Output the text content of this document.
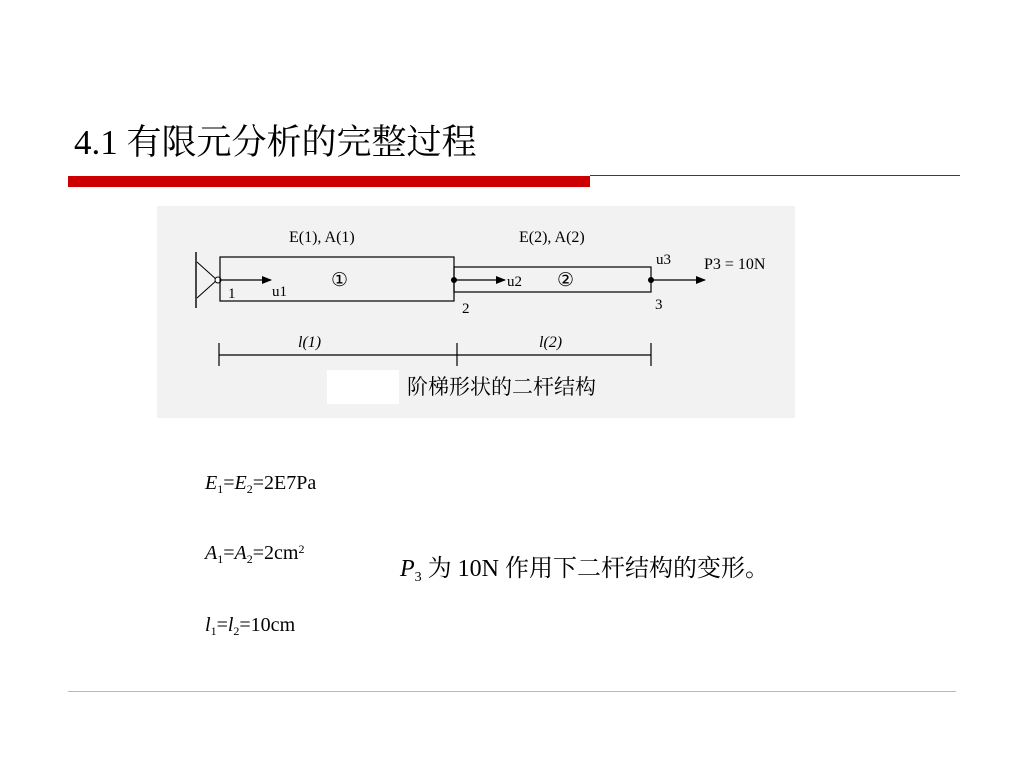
4.1 有限元分析的完整过程
E(1), A(1)	E(2), A(2)
①	②
1
2	3
u1
u2
u3 P3 = 10N
l(1)	l(2)
阶梯形状的二杆结构
$E_1=E_2=2E7Pa$
$A_1=A_2=2cm^2$
$l_1=l_2=10cm$
$P_3$ 为 10N 作用下二杆结构的变形。
